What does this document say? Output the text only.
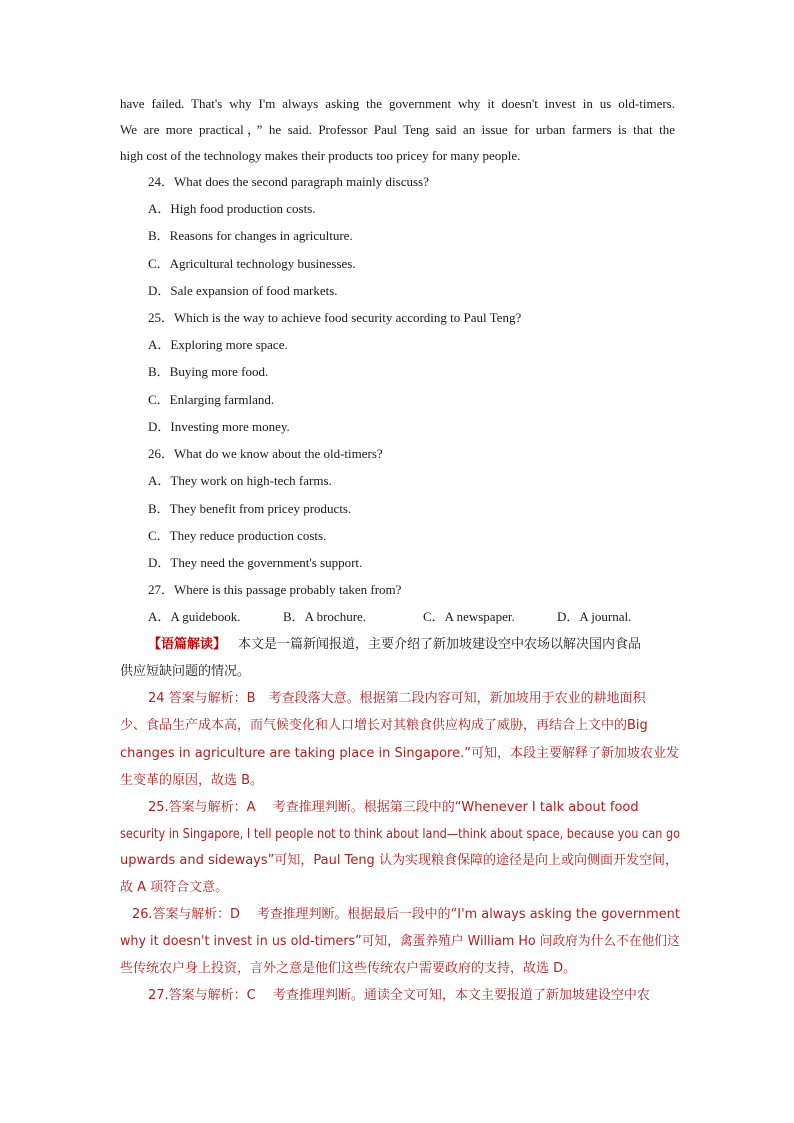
have failed. That's why I'm always asking the government why it doesn't invest in us old-timers.
We are more practical，” he said. Professor Paul Teng said an issue for urban farmers is that the
high cost of the technology makes their products too pricey for many people.
24．What does the second paragraph mainly discuss?
A．High food production costs.
B．Reasons for changes in agriculture.
C．Agricultural technology businesses.
D．Sale expansion of food markets.
25．Which is the way to achieve food security according to Paul Teng?
A．Exploring more space.
B．Buying more food.
C．Enlarging farmland.
D．Investing more money.
26．What do we know about the old-timers?
A．They work on high-tech farms.
B．They benefit from pricey products.
C．They reduce production costs.
D．They need the government's support.
27．Where is this passage probably taken from?
A．A guidebook.	B．A brochure.	C．A newspaper.	D．A journal.
【语篇解读】 本文是一篇新闻报道，主要介绍了新加坡建设空中农场以解决国内食品
供应短缺问题的情况。
24 答案与解析：B　考查段落大意。根据第二段内容可知，新加坡用于农业的耕地面积
少、食品生产成本高，而气候变化和人口增长对其粮食供应构成了威胁，再结合上文中的Big
changes in agriculture are taking place in Singapore.”可知，本段主要解释了新加坡农业发
生变革的原因，故选 B。
25.答案与解析：A　 考查推理判断。根据第三段中的“Whenever I talk about food
security in Singapore, I tell people not to think about land—think about space, because you can go
upwards and sideways”可知，Paul Teng 认为实现粮食保障的途径是向上或向侧面开发空间，
故 A 项符合文意。
26.答案与解析：D　 考查推理判断。根据最后一段中的“I'm always asking the government
why it doesn't invest in us old-timers”可知，禽蛋养殖户 William Ho 问政府为什么不在他们这
些传统农户身上投资，言外之意是他们这些传统农户需要政府的支持，故选 D。
27.答案与解析：C　 考查推理判断。通读全文可知，本文主要报道了新加坡建设空中农
